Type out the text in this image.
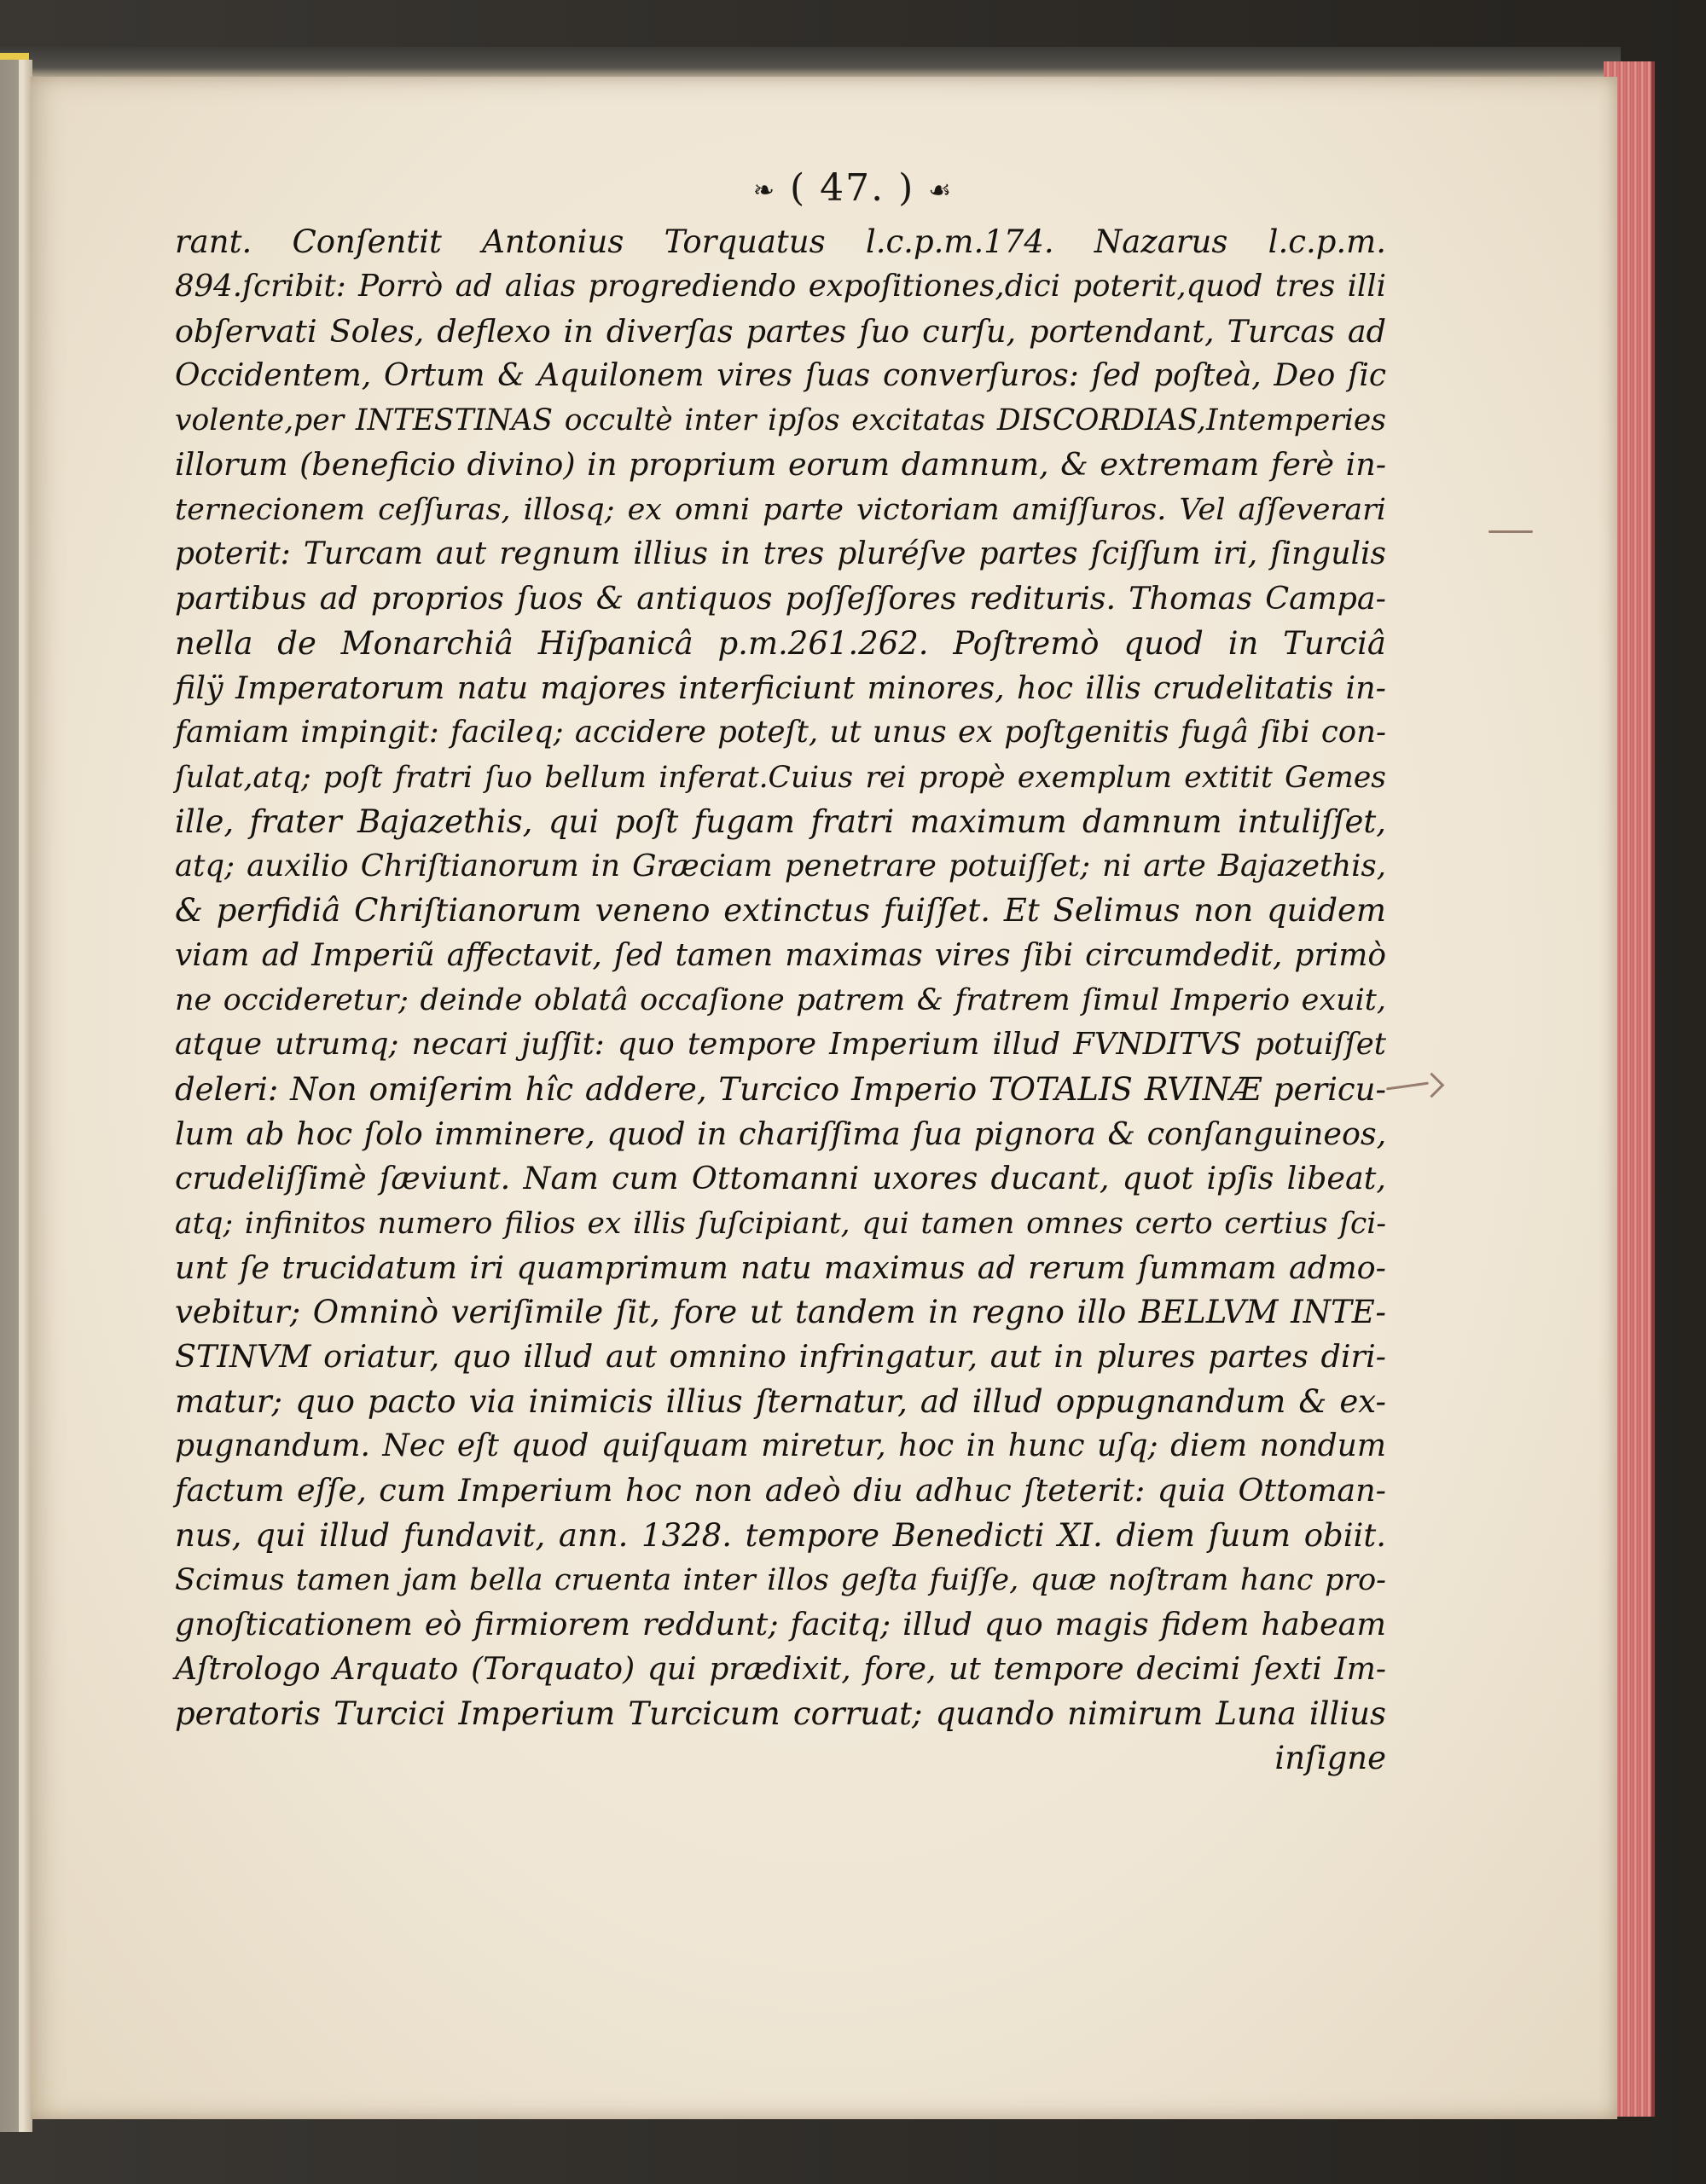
❧ ( 47. ) ☙
rant. Conſentit Antonius Torquatus l.c.p.m.174. Nazarus l.c.p.m.
894.ſcribit: Porrò ad alias progrediendo expoſitiones,dici poterit,quod tres illi
obſervati Soles, deflexo in diverſas partes ſuo curſu, portendant, Turcas ad
Occidentem, Ortum & Aquilonem vires ſuas converſuros: ſed poſteà, Deo ſic
volente,per INTESTINAS occultè inter ipſos excitatas DISCORDIAS,Intemperies
illorum (beneficio divino) in proprium eorum damnum, & extremam ferè in-
ternecionem ceſſuras, illosq; ex omni parte victoriam amiſſuros. Vel aſſeverari
poterit: Turcam aut regnum illius in tres pluréſve partes ſciſſum iri, ſingulis
partibus ad proprios ſuos & antiquos poſſeſſores redituris. Thomas Campa-
nella de Monarchiâ Hiſpanicâ p.m.261.262. Poſtremò quod in Turciâ
filÿ Imperatorum natu majores interficiunt minores, hoc illis crudelitatis in-
famiam impingit: facileq; accidere poteſt, ut unus ex poſtgenitis fugâ ſibi con-
ſulat,atq; poſt fratri ſuo bellum inferat.Cuius rei propè exemplum extitit Gemes
ille, frater Bajazethis, qui poſt fugam fratri maximum damnum intuliſſet,
atq; auxilio Chriſtianorum in Græciam penetrare potuiſſet; ni arte Bajazethis,
& perfidiâ Chriſtianorum veneno extinctus fuiſſet. Et Selimus non quidem
viam ad Imperiũ affectavit, ſed tamen maximas vires ſibi circumdedit, primò
ne occideretur; deinde oblatâ occaſione patrem & fratrem ſimul Imperio exuit,
atque utrumq; necari juſſit: quo tempore Imperium illud FVNDITVS potuiſſet
deleri: Non omiſerim hîc addere, Turcico Imperio TOTALIS RVINÆ pericu-
lum ab hoc ſolo imminere, quod in chariſſima ſua pignora & conſanguineos,
crudeliſſimè ſæviunt. Nam cum Ottomanni uxores ducant, quot ipſis libeat,
atq; infinitos numero filios ex illis ſuſcipiant, qui tamen omnes certo certius ſci-
unt ſe trucidatum iri quamprimum natu maximus ad rerum ſummam admo-
vebitur; Omninò veriſimile ſit, fore ut tandem in regno illo BELLVM INTE-
STINVM oriatur, quo illud aut omnino infringatur, aut in plures partes diri-
matur; quo pacto via inimicis illius ſternatur, ad illud oppugnandum & ex-
pugnandum. Nec eſt quod quiſquam miretur, hoc in hunc uſq; diem nondum
factum eſſe, cum Imperium hoc non adeò diu adhuc ſteterit: quia Ottoman-
nus, qui illud fundavit, ann. 1328. tempore Benedicti XI. diem ſuum obiit.
Scimus tamen jam bella cruenta inter illos geſta fuiſſe, quæ noſtram hanc pro-
gnoſticationem eò firmiorem reddunt; facitq; illud quo magis fidem habeam
Aſtrologo Arquato (Torquato) qui prædixit, fore, ut tempore decimi ſexti Im-
peratoris Turcici Imperium Turcicum corruat; quando nimirum Luna illius
inſigne
